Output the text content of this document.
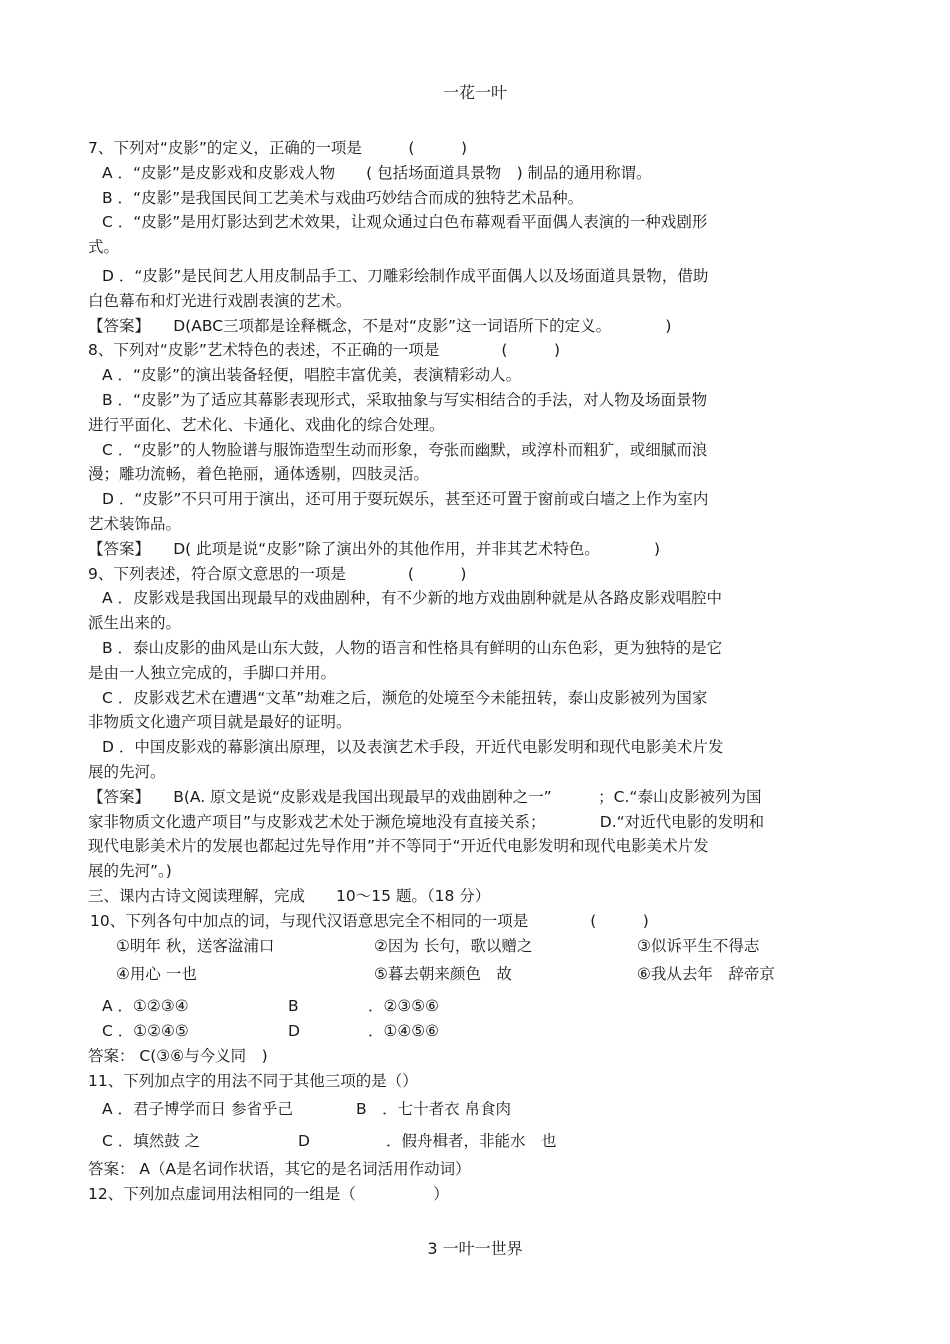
一花一叶
7、下列对“皮影”的定义，正确的一项是　　　(　　　)
A ．“皮影”是皮影戏和皮影戏人物　　( 包括场面道具景物　) 制品的通用称谓。
B ．“皮影”是我国民间工艺美术与戏曲巧妙结合而成的独特艺术品种。
C ．“皮影”是用灯影达到艺术效果，让观众通过白色布幕观看平面偶人表演的一种戏剧形
式。
D ．“皮影”是民间艺人用皮制品手工、刀雕彩绘制作成平面偶人以及场面道具景物，借助
白色幕布和灯光进行戏剧表演的艺术。
【答案】　　D(ABC三项都是诠释概念，不是对“皮影”这一词语所下的定义。　　　　)
8、下列对“皮影”艺术特色的表述，不正确的一项是　　　　(　　　)
A ．“皮影”的演出装备轻便，唱腔丰富优美，表演精彩动人。
B ．“皮影”为了适应其幕影表现形式，采取抽象与写实相结合的手法，对人物及场面景物
进行平面化、艺术化、卡通化、戏曲化的综合处理。
C ．“皮影”的人物脸谱与服饰造型生动而形象，夸张而幽默，或淳朴而粗犷，或细腻而浪
漫；雕功流畅，着色艳丽，通体透剔，四肢灵活。
D ．“皮影”不只可用于演出，还可用于耍玩娱乐，甚至还可置于窗前或白墙之上作为室内
艺术装饰品。
【答案】　　D( 此项是说“皮影”除了演出外的其他作用，并非其艺术特色。　　　　)
9、下列表述，符合原文意思的一项是　　　　(　　　)
A ．皮影戏是我国出现最早的戏曲剧种，有不少新的地方戏曲剧种就是从各路皮影戏唱腔中
派生出来的。
B ．泰山皮影的曲风是山东大鼓，人物的语言和性格具有鲜明的山东色彩，更为独特的是它
是由一人独立完成的，手脚口并用。
C ．皮影戏艺术在遭遇“文革”劫难之后，濒危的处境至今未能扭转，泰山皮影被列为国家
非物质文化遗产项目就是最好的证明。
D ．中国皮影戏的幕影演出原理，以及表演艺术手段，开近代电影发明和现代电影美术片发
展的先河。
【答案】　　B(A. 原文是说“皮影戏是我国出现最早的戏曲剧种之一”　　　；C.“泰山皮影被列为国
家非物质文化遗产项目”与皮影戏艺术处于濒危境地没有直接关系；　　　　D.“对近代电影的发明和
现代电影美术片的发展也都起过先导作用”并不等同于“开近代电影发明和现代电影美术片发
展的先河”。)
三、课内古诗文阅读理解，完成　　10～15 题。（18 分）
10、下列各句中加点的词，与现代汉语意思完全不相同的一项是　　　　(　　　)
①明年 秋，送客湓浦口	②因为 长句，歌以赠之	③似诉平生不得志
④用心 一也	⑤暮去朝来颜色　故	⑥我从去年　辞帝京
A ．①②③④	B	．②③⑤⑥
C ．①②④⑤	D	．①④⑤⑥
答案： C(③⑥与今义同　)
11、下列加点字的用法不同于其他三项的是（）
A ．君子博学而日 参省乎己	B　．七十者衣 帛食肉
C ．填然鼓 之	D	．假舟楫者，非能水　也
答案： A（A是名词作状语，其它的是名词活用作动词）
12、下列加点虚词用法相同的一组是（　　　　　）
3 一叶一世界
